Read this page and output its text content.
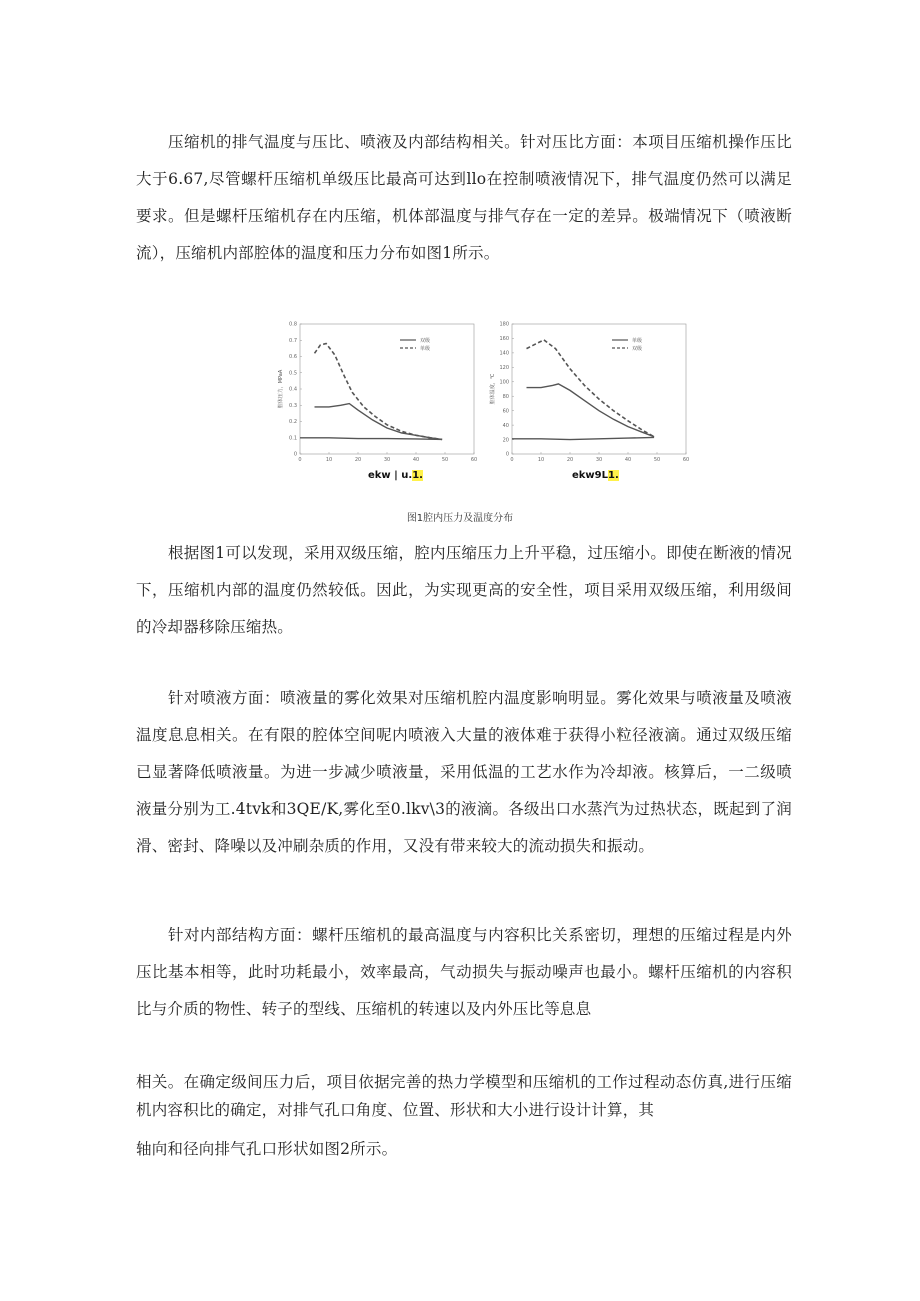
压缩机的排气温度与压比、喷液及内部结构相关。针对压比方面：本项目压缩机操作压比大于6.67,尽管螺杆压缩机单级压比最高可达到llo在控制喷液情况下，排气温度仍然可以满足要求。但是螺杆压缩机存在内压缩，机体部温度与排气存在一定的差异。极端情况下（喷液断流），压缩机内部腔体的温度和压力分布如图1所示。

0	10	20	30	40	50	60
0
0.1
0.2
0.3
0.4
0.5
0.6
0.7
0.8
腔体压力，MPaA
双级
单级
0	10	20	30	40	50	60
0
20
40
60
80
100
120
140
160
180
腔体温度，℃
单级
双级
ekw | u.1.	ekw9L1.
图1腔内压力及温度分布

根据图1可以发现，采用双级压缩，腔内压缩压力上升平稳，过压缩小。即使在断液的情况下，压缩机内部的温度仍然较低。因此，为实现更高的安全性，项目采用双级压缩，利用级间的冷却器移除压缩热。

针对喷液方面：喷液量的雾化效果对压缩机腔内温度影响明显。雾化效果与喷液量及喷液温度息息相关。在有限的腔体空间呢内喷液入大量的液体难于获得小粒径液滴。通过双级压缩已显著降低喷液量。为进一步减少喷液量，采用低温的工艺水作为冷却液。核算后，一二级喷液量分别为工.4tvk和3QE/K,雾化至0.lkv\3的液滴。各级出口水蒸汽为过热状态，既起到了润滑、密封、降噪以及冲刷杂质的作用，又没有带来较大的流动损失和振动。

针对内部结构方面：螺杆压缩机的最高温度与内容积比关系密切，理想的压缩过程是内外压比基本相等，此时功耗最小，效率最高，气动损失与振动噪声也最小。螺杆压缩机的内容积比与介质的物性、转子的型线、压缩机的转速以及内外压比等息息

相关。在确定级间压力后，项目依据完善的热力学模型和压缩机的工作过程动态仿真,进行压缩机内容积比的确定，对排气孔口角度、位置、形状和大小进行设计计算，其

轴向和径向排气孔口形状如图2所示。
